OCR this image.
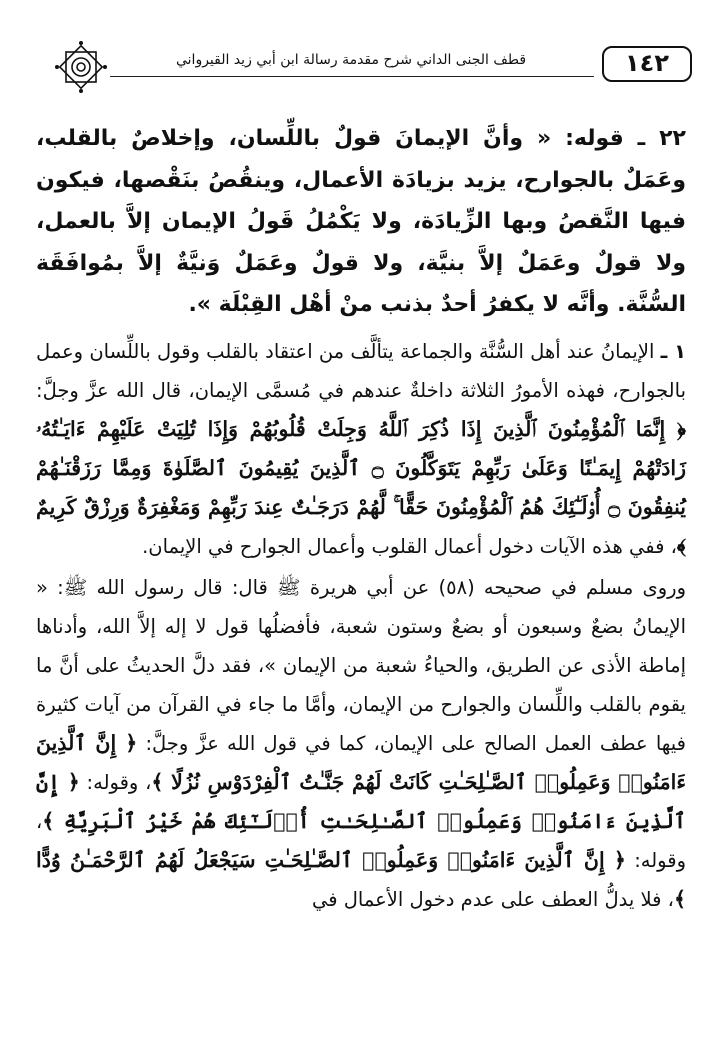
قطف الجنى الداني شرح مقدمة رسالة ابن أبي زيد القيرواني	١٤٢

٢٢ ـ قوله: « وأنَّ الإيمانَ قولٌ باللِّسان، وإخلاصٌ بالقلب، وعَمَلٌ بالجوارح، يزيد بزيادَة الأعمال، وينقُصُ بنَقْصها، فيكون فيها النَّقصُ وبها الزِّيادَة، ولا يَكْمُلُ قَولُ الإيمان إلاَّ بالعمل، ولا قولٌ وعَمَلٌ إلاَّ بنيَّة، ولا قولٌ وعَمَلٌ وَنيَّةٌ إلاَّ بمُوافَقَة السُّنَّة. وأنَّه لا يكفرُ أحدٌ بذنب منْ أهْل القِبْلَة ».

١ ـ الإيمانُ عند أهل السُّنَّة والجماعة يتألَّف من اعتقاد بالقلب وقول باللِّسان وعمل بالجوارح، فهذه الأمورُ الثلاثة داخلةٌ عندهم في مُسمَّى الإيمان، قال الله عزَّ وجلَّ: ﴿ إِنَّمَا ٱلْمُؤْمِنُونَ ٱلَّذِينَ إِذَا ذُكِرَ ٱللَّهُ وَجِلَتْ قُلُوبُهُمْ وَإِذَا تُلِيَتْ عَلَيْهِمْ ءَايَـٰتُهُۥ زَادَتْهُمْ إِيمَـٰنًا وَعَلَىٰ رَبِّهِمْ يَتَوَكَّلُونَ ۝ ٱلَّذِينَ يُقِيمُونَ ٱلصَّلَوٰةَ وَمِمَّا رَزَقْنَـٰهُمْ يُنفِقُونَ ۝ أُو۟لَـٰٓئِكَ هُمُ ٱلْمُؤْمِنُونَ حَقًّا ۚ لَّهُمْ دَرَجَـٰتٌ عِندَ رَبِّهِمْ وَمَغْفِرَةٌ وَرِزْقٌ كَرِيمٌ ﴾، ففي هذه الآيات دخول أعمال القلوب وأعمال الجوارح في الإيمان.

وروى مسلم في صحيحه (٥٨) عن أبي هريرة ﷺ قال: قال رسول الله ﷺ: « الإيمانُ بضعٌ وسبعون أو بضعٌ وستون شعبة، فأفضلُها قول لا إله إلاَّ الله، وأدناها إماطة الأذى عن الطريق، والحياءُ شعبة من الإيمان »، فقد دلَّ الحديثُ على أنَّ ما يقوم بالقلب واللِّسان والجوارح من الإيمان، وأمَّا ما جاء في القرآن من آيات كثيرة فيها عطف العمل الصالح على الإيمان، كما في قول الله عزَّ وجلَّ: ﴿ إِنَّ ٱلَّذِينَ ءَامَنُوا۟ وَعَمِلُوا۟ ٱلصَّـٰلِحَـٰتِ كَانَتْ لَهُمْ جَنَّـٰتُ ٱلْفِرْدَوْسِ نُزُلًا ﴾، وقوله: ﴿ إِنَّ ٱلَّذِينَ ءَامَنُوا۟ وَعَمِلُوا۟ ٱلصَّـٰلِحَـٰتِ أُو۟لَـٰٓئِكَ هُمْ خَيْرُ ٱلْبَرِيَّةِ ﴾، وقوله: ﴿ إِنَّ ٱلَّذِينَ ءَامَنُوا۟ وَعَمِلُوا۟ ٱلصَّـٰلِحَـٰتِ سَيَجْعَلُ لَهُمُ ٱلرَّحْمَـٰنُ وُدًّا ﴾، فلا يدلُّ العطف على عدم دخول الأعمال في
